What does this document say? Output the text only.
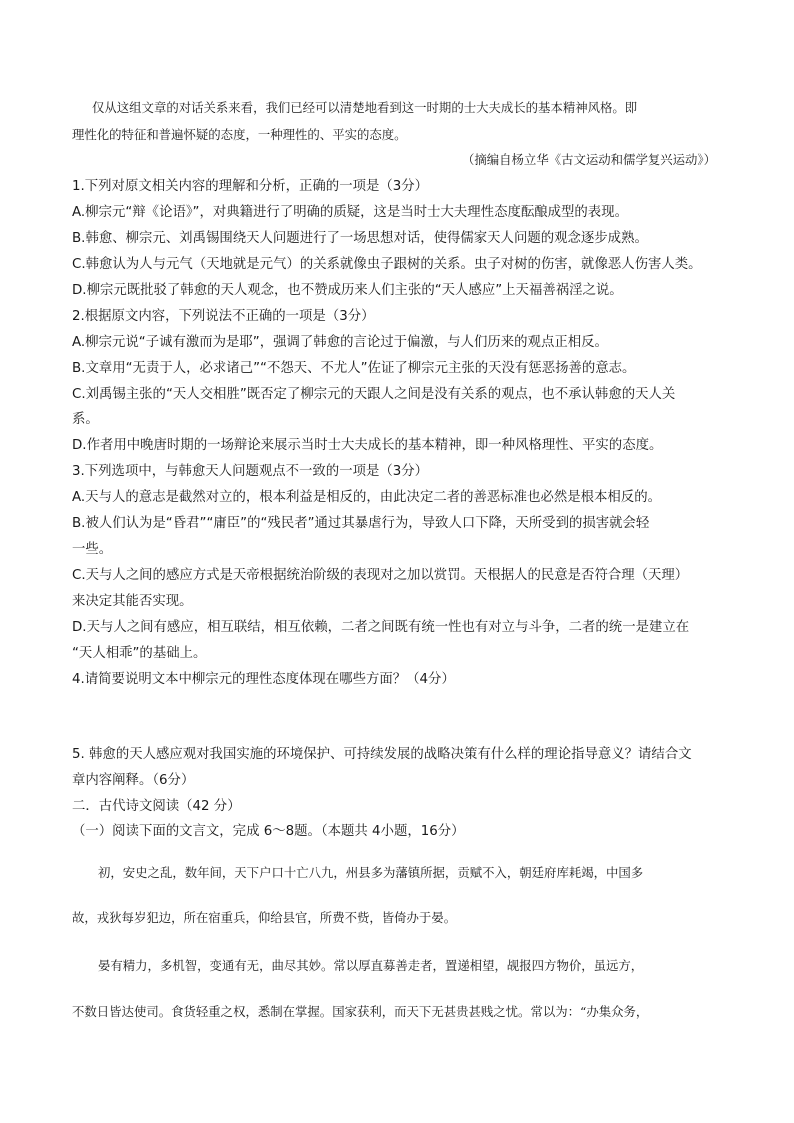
仅从这组文章的对话关系来看，我们已经可以清楚地看到这一时期的士大夫成长的基本精神风格。即
理性化的特征和普遍怀疑的态度，一种理性的、平实的态度。
（摘编自杨立华《古文运动和儒学复兴运动》）
1.下列对原文相关内容的理解和分析，正确的一项是（3分）
A.柳宗元“辩《论语》”，对典籍进行了明确的质疑，这是当时士大夫理性态度酝酿成型的表现。
B.韩愈、柳宗元、刘禹锡围绕天人问题进行了一场思想对话，使得儒家天人问题的观念逐步成熟。
C.韩愈认为人与元气（天地就是元气）的关系就像虫子跟树的关系。虫子对树的伤害，就像恶人伤害人类。
D.柳宗元既批驳了韩愈的天人观念，也不赞成历来人们主张的“天人感应”上天福善祸淫之说。
2.根据原文内容，下列说法不正确的一项是（3分）
A.柳宗元说“子诚有激而为是耶”，强调了韩愈的言论过于偏激，与人们历来的观点正相反。
B.文章用“无责于人，必求诸己”“不怨天、不尤人”佐证了柳宗元主张的天没有惩恶扬善的意志。
C.刘禹锡主张的“天人交相胜”既否定了柳宗元的天跟人之间是没有关系的观点，也不承认韩愈的天人关
系。
D.作者用中晚唐时期的一场辩论来展示当时士大夫成长的基本精神，即一种风格理性、平实的态度。
3.下列选项中，与韩愈天人问题观点不一致的一项是（3分）
A.天与人的意志是截然对立的，根本利益是相反的，由此决定二者的善恶标准也必然是根本相反的。
B.被人们认为是“昏君”“庸臣”的“残民者”通过其暴虐行为，导致人口下降，天所受到的损害就会轻
一些。
C.天与人之间的感应方式是天帝根据统治阶级的表现对之加以赏罚。天根据人的民意是否符合理（天理）
来决定其能否实现。
D.天与人之间有感应，相互联结，相互依赖，二者之间既有统一性也有对立与斗争，二者的统一是建立在
“天人相乖”的基础上。
4.请简要说明文本中柳宗元的理性态度体现在哪些方面？（4分）
5. 韩愈的天人感应观对我国实施的环境保护、可持续发展的战略决策有什么样的理论指导意义？请结合文
章内容阐释。（6分）
二．古代诗文阅读（42 分）
（一）阅读下面的文言文，完成 6～8题。（本题共 4小题，16分）
初，安史之乱，数年间，天下户口十亡八九，州县多为藩镇所据，贡赋不入，朝廷府库耗竭，中国多
故，戎狄每岁犯边，所在宿重兵，仰给县官，所费不赀，皆倚办于晏。
晏有精力，多机智，变通有无，曲尽其妙。常以厚直募善走者，置递相望，觇报四方物价，虽远方，
不数日皆达使司。食货轻重之权，悉制在掌握。国家获利，而天下无甚贵甚贱之忧。常以为：“办集众务，
